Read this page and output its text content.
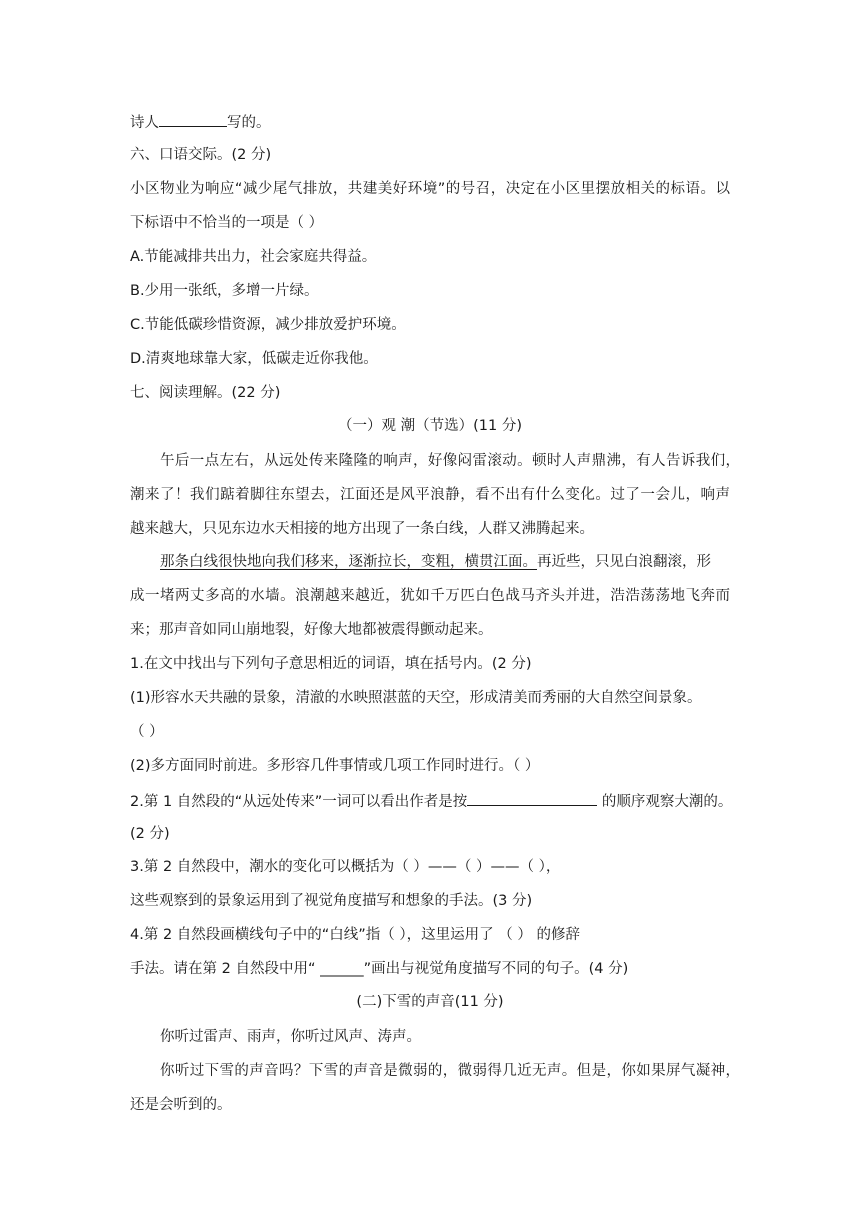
诗人	写的。
六、口语交际。(2 分)
小区物业为响应“减少尾气排放，共建美好环境”的号召，决定在小区里摆放相关的标语。以
下标语中不恰当的一项是（ ）
A.节能减排共出力，社会家庭共得益。
B.少用一张纸，多增一片绿。
C.节能低碳珍惜资源，减少排放爱护环境。
D.清爽地球靠大家，低碳走近你我他。
七、阅读理解。(22 分)
（一）观 潮（节选）(11 分)
午后一点左右，从远处传来隆隆的响声，好像闷雷滚动。顿时人声鼎沸，有人告诉我们，
潮来了！我们踮着脚往东望去，江面还是风平浪静，看不出有什么变化。过了一会儿，响声
越来越大，只见东边水天相接的地方出现了一条白线，人群又沸腾起来。
那条白线很快地向我们移来，逐渐拉长，变粗，横贯江面。再近些，只见白浪翻滚，形
成一堵两丈多高的水墙。浪潮越来越近，犹如千万匹白色战马齐头并进，浩浩荡荡地飞奔而
来；那声音如同山崩地裂，好像大地都被震得颤动起来。
1.在文中找出与下列句子意思相近的词语，填在括号内。(2 分)
(1)形容水天共融的景象，清澈的水映照湛蓝的天空，形成清美而秀丽的大自然空间景象。
（ ）
(2)多方面同时前进。多形容几件事情或几项工作同时进行。（ ）
2.第 1 自然段的“从远处传来”一词可以看出作者是按	的顺序观察大潮的。
(2 分)
3.第 2 自然段中，潮水的变化可以概括为（ ）——（ ）——（ ），
这些观察到的景象运用到了视觉角度描写和想象的手法。(3 分)
4.第 2 自然段画横线句子中的“白线”指（ ），这里运用了 （ ） 的修辞
手法。请在第 2 自然段中用“ ______”画出与视觉角度描写不同的句子。(4 分)
(二)下雪的声音(11 分)
你听过雷声、雨声，你听过风声、涛声。
你听过下雪的声音吗？下雪的声音是微弱的，微弱得几近无声。但是，你如果屏气凝神，
还是会听到的。
